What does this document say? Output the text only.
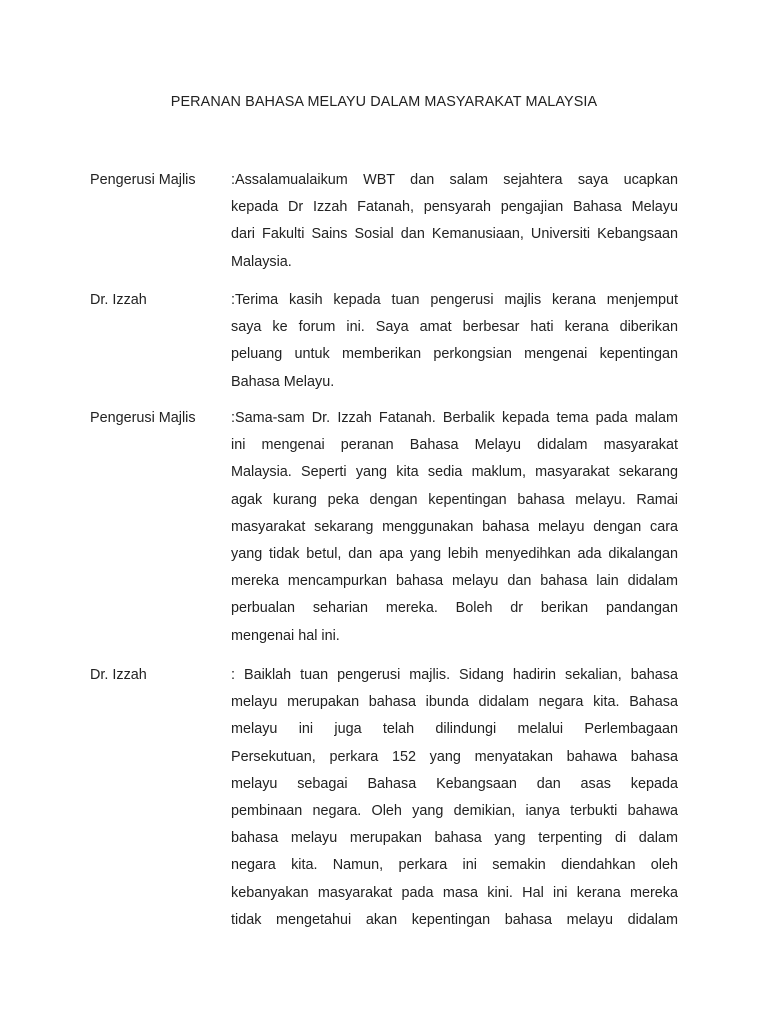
PERANAN BAHASA MELAYU DALAM MASYARAKAT MALAYSIA
Pengerusi Majlis :Assalamualaikum WBT dan salam sejahtera saya ucapkan
kepada Dr Izzah Fatanah, pensyarah pengajian Bahasa Melayu
dari Fakulti Sains Sosial dan Kemanusiaan, Universiti Kebangsaan
Malaysia.
Dr. Izzah	:Terima kasih kepada tuan pengerusi majlis kerana menjemput
saya ke forum ini. Saya amat berbesar hati kerana diberikan
peluang untuk memberikan perkongsian mengenai kepentingan
Bahasa Melayu.
Pengerusi Majlis :Sama-sam Dr. Izzah Fatanah. Berbalik kepada tema pada malam
ini mengenai peranan Bahasa Melayu didalam masyarakat
Malaysia. Seperti yang kita sedia maklum, masyarakat sekarang
agak kurang peka dengan kepentingan bahasa melayu. Ramai
masyarakat sekarang menggunakan bahasa melayu dengan cara
yang tidak betul, dan apa yang lebih menyedihkan ada dikalangan
mereka mencampurkan bahasa melayu dan bahasa lain didalam
perbualan seharian mereka. Boleh dr berikan pandangan
mengenai hal ini.
Dr. Izzah	: Baiklah tuan pengerusi majlis. Sidang hadirin sekalian, bahasa
melayu merupakan bahasa ibunda didalam negara kita. Bahasa
melayu ini juga telah dilindungi melalui Perlembagaan
Persekutuan, perkara 152 yang menyatakan bahawa bahasa
melayu sebagai Bahasa Kebangsaan dan asas kepada
pembinaan negara. Oleh yang demikian, ianya terbukti bahawa
bahasa melayu merupakan bahasa yang terpenting di dalam
negara kita. Namun, perkara ini semakin diendahkan oleh
kebanyakan masyarakat pada masa kini. Hal ini kerana mereka
tidak mengetahui akan kepentingan bahasa melayu didalam
